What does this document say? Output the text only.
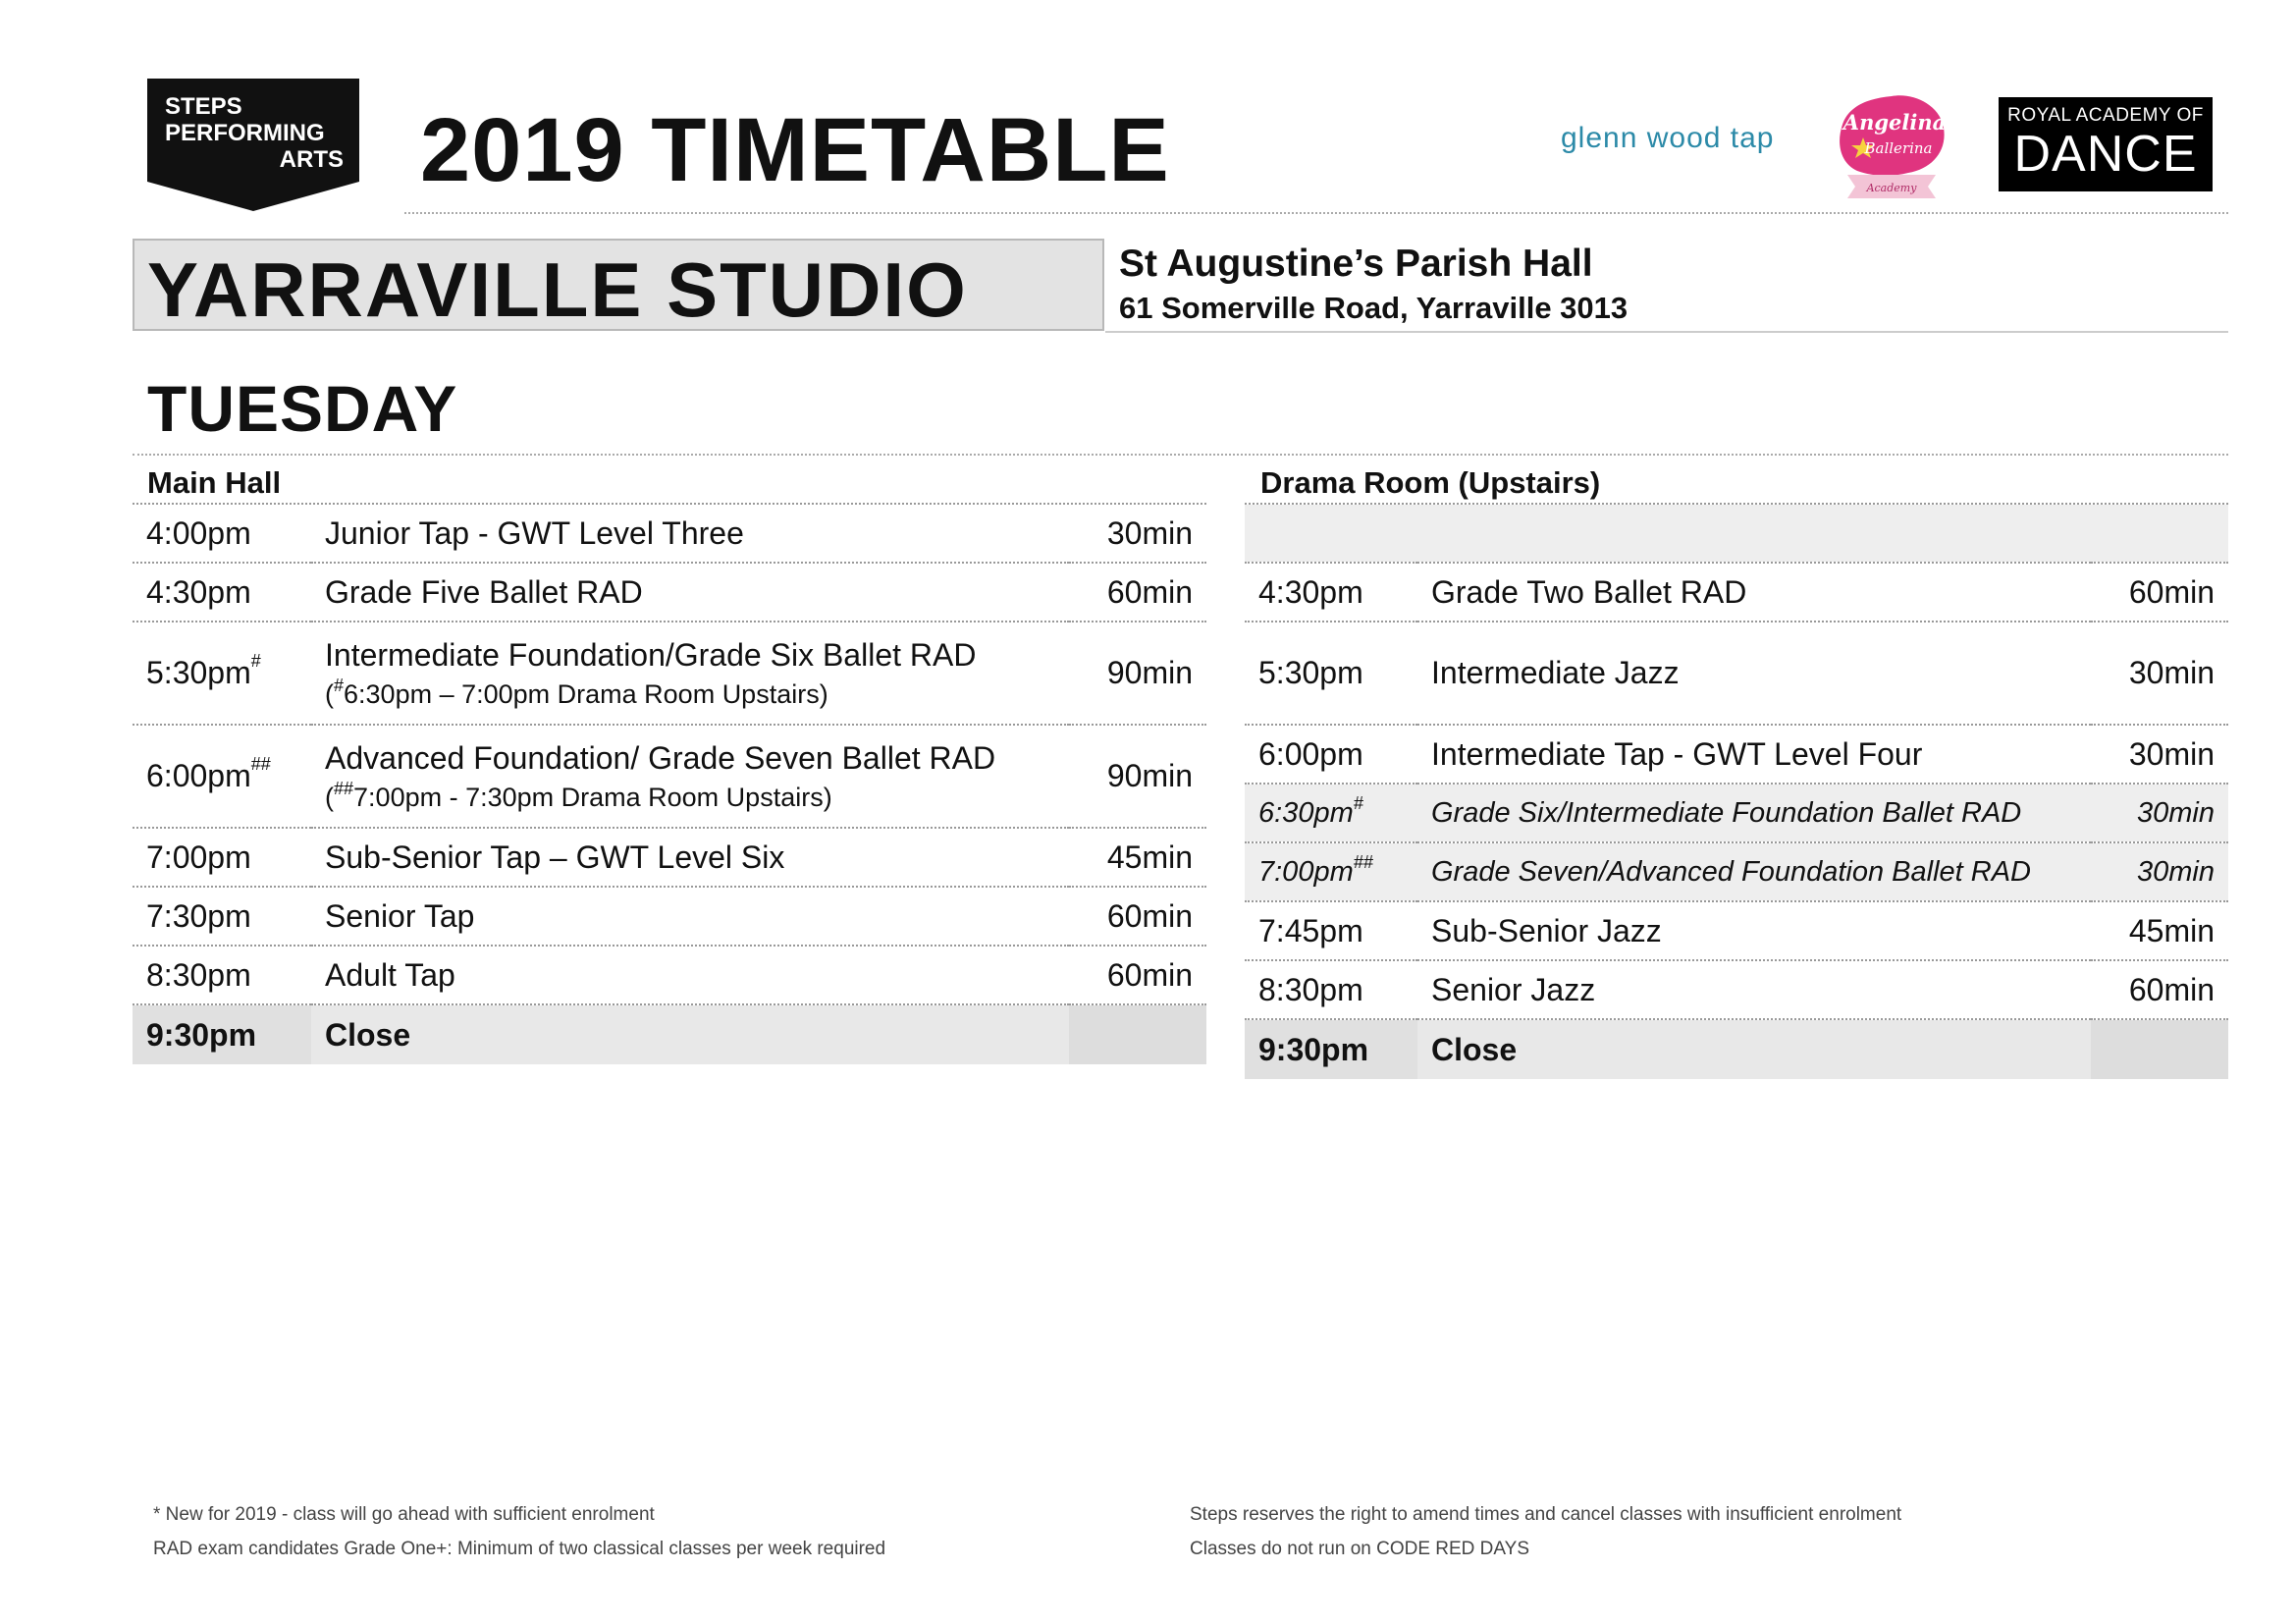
STEPS
PERFORMING
ARTS 2019 TIMETABLE	glenn wood tap	Angelina
Ballerina
Academy
ROYAL ACADEMY OF
DANCE
YARRAVILLE STUDIO	St Augustine’s Parish Hall
61 Somerville Road, Yarraville 3013
TUESDAY
Main Hall
4:00pm	Junior Tap - GWT Level Three	30min
4:30pm	Grade Five Ballet RAD	60min
5:30pm#	Intermediate Foundation/Grade Six Ballet RAD
(#6:30pm – 7:00pm Drama Room Upstairs)	90min
6:00pm##	Advanced Foundation/ Grade Seven Ballet RAD
(##7:00pm - 7:30pm Drama Room Upstairs)	90min
7:00pm	Sub-Senior Tap – GWT Level Six	45min
7:30pm	Senior Tap	60min
8:30pm	Adult Tap	60min
9:30pm	Close	
Drama Room (Upstairs)

4:30pm	Grade Two Ballet RAD	60min
5:30pm	Intermediate Jazz	30min
6:00pm	Intermediate Tap - GWT Level Four	30min
6:30pm#	Grade Six/Intermediate Foundation Ballet RAD	30min
7:00pm##	Grade Seven/Advanced Foundation Ballet RAD	30min
7:45pm	Sub-Senior Jazz	45min
8:30pm	Senior Jazz	60min
9:30pm	Close	
* New for 2019 - class will go ahead with sufficient enrolment
RAD exam candidates Grade One+: Minimum of two classical classes per week required
Steps reserves the right to amend times and cancel classes with insufficient enrolment
Classes do not run on CODE RED DAYS
